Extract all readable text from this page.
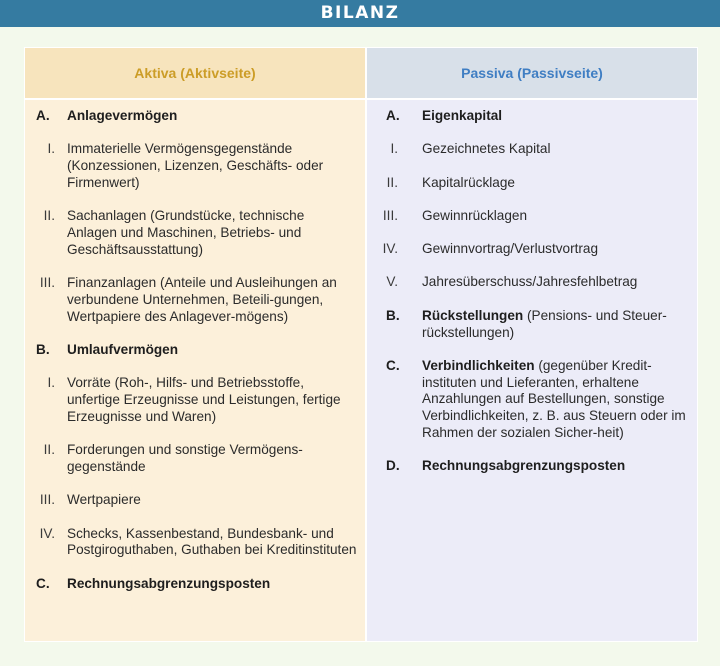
BILANZ
Aktiva (Aktivseite)
A.	Anlagevermögen
I. Immaterielle Vermögensgegenstände (Konzessionen, Lizenzen, Geschäfts- oder Firmenwert)
II. Sachanlagen (Grundstücke, technische Anlagen und Maschinen, Betriebs- und Geschäftsausstattung)
III. Finanzanlagen (Anteile und Ausleihungen an verbundene Unternehmen, Beteili-gungen, Wertpapiere des Anlagever-mögens)
B.	Umlaufvermögen
I. Vorräte (Roh-, Hilfs- und Betriebsstoffe, unfertige Erzeugnisse und Leistungen, fertige Erzeugnisse und Waren)
II. Forderungen und sonstige Vermögens-gegenstände
III. Wertpapiere
IV. Schecks, Kassenbestand, Bundesbank- und Postgiroguthaben, Guthaben bei Kreditinstituten
C.	Rechnungsabgrenzungsposten
Passiva (Passivseite)
A.	Eigenkapital
I.	Gezeichnetes Kapital
II.	Kapitalrücklage
III.	Gewinnrücklagen
IV.	Gewinnvortrag/Verlustvortrag
V.	Jahresüberschuss/Jahresfehlbetrag
B.	Rückstellungen (Pensions- und Steuer-rückstellungen)
C.	Verbindlichkeiten (gegenüber Kredit-instituten und Lieferanten, erhaltene Anzahlungen auf Bestellungen, sonstige Verbindlichkeiten, z. B. aus Steuern oder im Rahmen der sozialen Sicher-heit)
D.	Rechnungsabgrenzungsposten
